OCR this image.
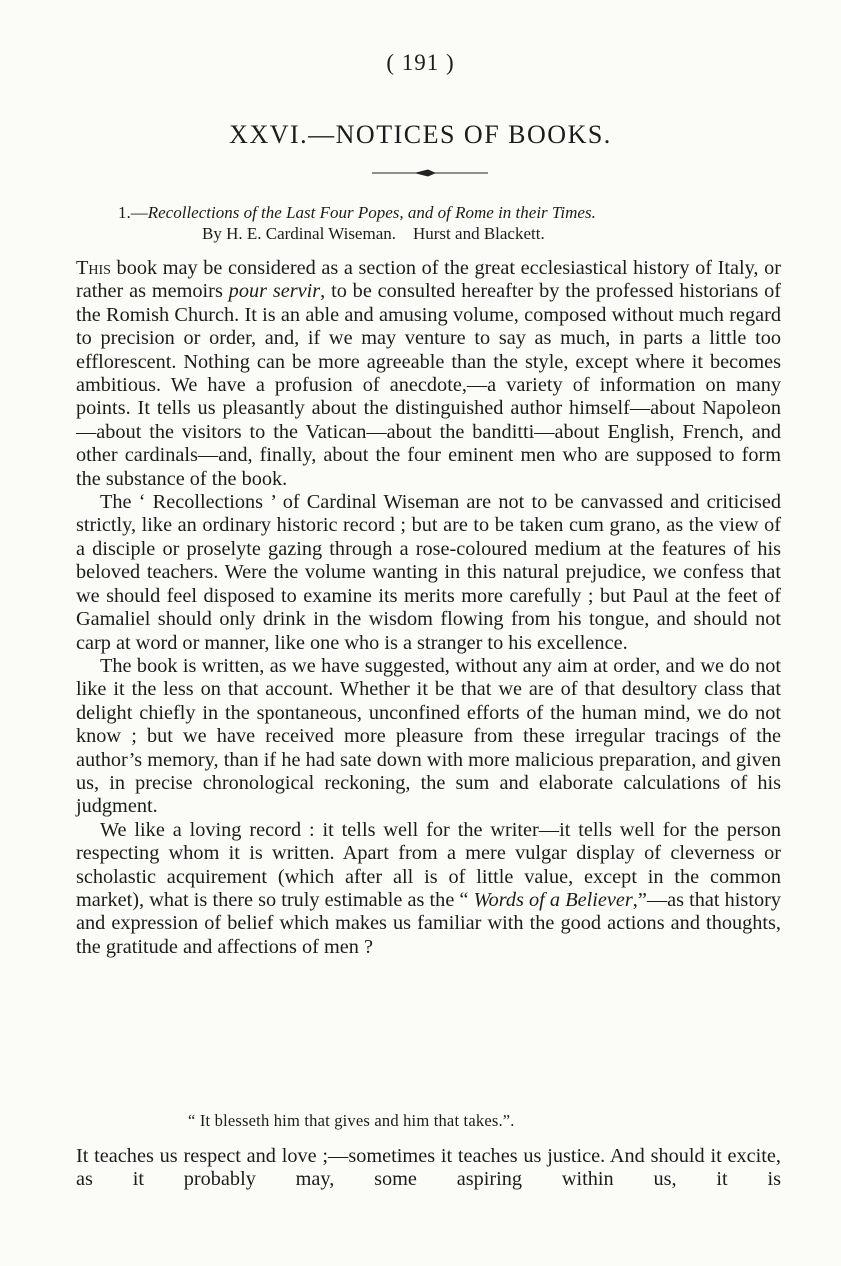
( 191 )
XXVI.—NOTICES OF BOOKS.
1.—Recollections of the Last Four Popes, and of Rome in their Times.
By H. E. Cardinal Wiseman.    Hurst and Blackett.

This book may be considered as a section of the great ecclesiastical history of Italy, or rather as memoirs pour servir, to be consulted hereafter by the professed historians of the Romish Church. It is an able and amusing volume, composed without much regard to precision or order, and, if we may venture to say as much, in parts a little too efflorescent. Nothing can be more agreeable than the style, except where it becomes ambitious. We have a profusion of anecdote,—a variety of information on many points. It tells us pleasantly about the distinguished author himself—about Napoleon —about the visitors to the Vatican—about the banditti—about English, French, and other cardinals—and, finally, about the four eminent men who are supposed to form the substance of the book.

The ‘ Recollections ’ of Cardinal Wiseman are not to be canvassed and criticised strictly, like an ordinary historic record ; but are to be taken cum grano, as the view of a disciple or proselyte gazing through a rose-coloured medium at the features of his beloved teachers. Were the volume wanting in this natural prejudice, we confess that we should feel disposed to examine its merits more carefully ; but Paul at the feet of Gamaliel should only drink in the wisdom flowing from his tongue, and should not carp at word or manner, like one who is a stranger to his excellence.

The book is written, as we have suggested, without any aim at order, and we do not like it the less on that account. Whether it be that we are of that desultory class that delight chiefly in the spontaneous, unconfined efforts of the human mind, we do not know ; but we have received more pleasure from these irregular tracings of the author’s memory, than if he had sate down with more malicious preparation, and given us, in precise chronological reckoning, the sum and elaborate calculations of his judgment.

We like a loving record : it tells well for the writer—it tells well for the person respecting whom it is written. Apart from a mere vulgar display of cleverness or scholastic acquirement (which after all is of little value, except in the common market), what is there so truly estimable as the “ Words of a Believer,”—as that history and expression of belief which makes us familiar with the good actions and thoughts, the gratitude and affections of men ?

“ It blesseth him that gives and him that takes.”.

It teaches us respect and love ;—sometimes it teaches us justice. And should it excite, as it probably may, some aspiring within us, it is
